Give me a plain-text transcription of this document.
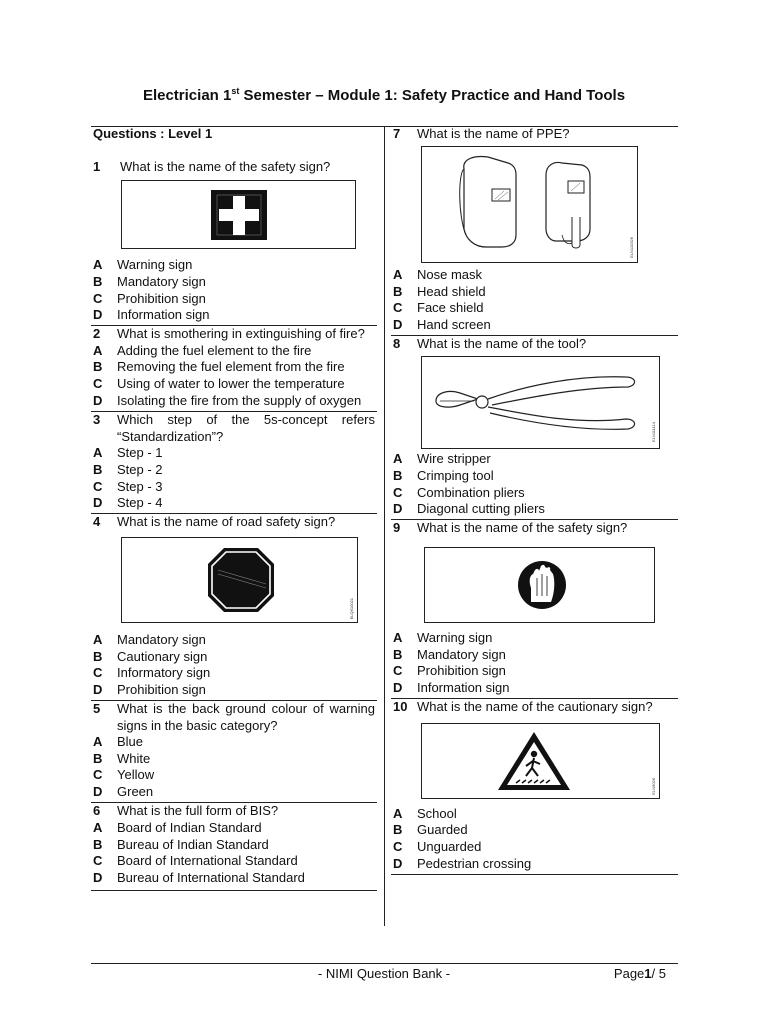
Electrician 1st Semester – Module 1: Safety Practice and Hand Tools
Questions : Level 1
1 What is the name of the safety sign?
A Warning sign
B Mandatory sign
C Prohibition sign
D Information sign
2 What is smothering in extinguishing of fire?
A Adding the fuel element to the fire
B Removing the fuel element from the fire
C Using of water to lower the temperature
D Isolating the fire from the supply of oxygen
3 Which step of the 5s-concept refers
“Standardization”?
A Step - 1
B Step - 2
C Step - 3
D Step - 4
4 What is the name of road safety sign?
ELQ610021
A Mandatory sign
B Cautionary sign
C Informatory sign
D Prohibition sign
5 What is the back ground colour of warning
signs in the basic category?
A Blue
B White
C Yellow
D Green
6 What is the full form of BIS?
A Board of Indian Standard
B Bureau of Indian Standard
C Board of International Standard
D Bureau of International Standard
7 What is the name of PPE?
ELN110326
A Nose mask
B Head shield
C Face shield
D Hand screen
8 What is the name of the tool?
ELN111114
A Wire stripper
B Crimping tool
C Combination pliers
D Diagonal cutting pliers
9 What is the name of the safety sign?
A Warning sign
B Mandatory sign
C Prohibition sign
D Information sign
10 What is the name of the cautionary sign?
ELN9026
A School
B Guarded
C Unguarded
D Pedestrian crossing
- NIMI Question Bank -	Page1/ 5
